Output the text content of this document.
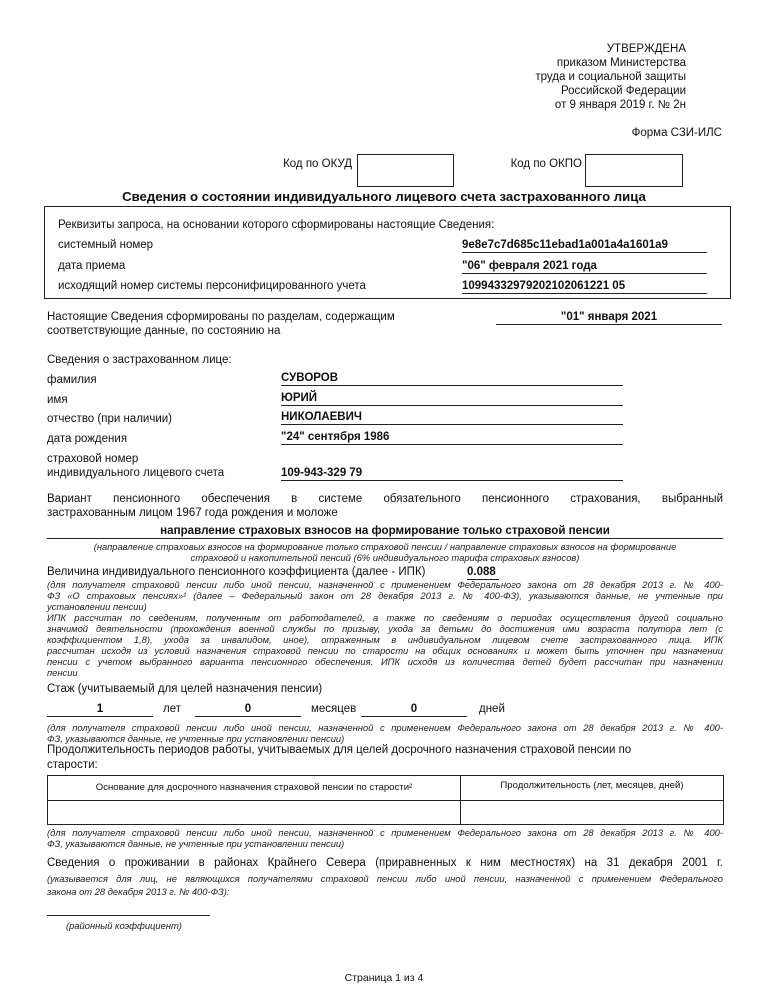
УТВЕРЖДЕНА
приказом Министерства
труда и социальной защиты
Российской Федерации
от 9 января 2019 г. № 2н
Форма СЗИ-ИЛС
Код по ОКУД	Код по ОКПО
Сведения о состоянии индивидуального лицевого счета застрахованного лица
Реквизиты запроса, на основании которого сформированы настоящие Сведения:
системный номер	9e8e7c7d685c11ebad1a001a4a1601a9
дата приема	"06" февраля 2021 года
исходящий номер системы персонифицированного учета	10994332979202102061221 05
Настоящие Сведения сформированы по разделам, содержащим
соответствующие данные, по состоянию на
"01" января 2021
Сведения о застрахованном лице:
фамилия	СУВОРОВ
имя	ЮРИЙ
отчество (при наличии)	НИКОЛАЕВИЧ
дата рождения	"24" сентября 1986
страховой номер
индивидуального лицевого счета	109-943-329 79
Вариант пенсионного обеспечения в системе обязательного пенсионного страхования, выбранный
застрахованным лицом 1967 года рождения и моложе
направление страховых взносов на формирование только страховой пенсии
(направление страховых взносов на формирование только страховой пенсии / направление страховых взносов на формирование
страховой и накопительной пенсий (6% индивидуального тарифа страховых взносов)
Величина индивидуального пенсионного коэффициента (далее - ИПК)	0.088
(для получателя страховой пенсии либо иной пенсии, назначенной с применением Федерального закона от 28 декабря 2013 г. № 400-
ФЗ «О страховых пенсиях»¹ (далее – Федеральный закон от 28 декабря 2013 г. № 400-ФЗ), указываются данные, не учтенные при
установлении пенсии)
ИПК рассчитан по сведениям, полученным от работодателей, а также по сведениям о периодах осуществления другой социально
значимой деятельности (прохождения военной службы по призыву, ухода за детьми до достижения ими возраста полутора лет (с
коэффициентом 1,8), ухода за инвалидом, иное), отраженным в индивидуальном лицевом счете застрахованного лица. ИПК
рассчитан исходя из условий назначения страховой пенсии по старости на общих основаниях и может быть уточнен при назначении
пенсии с учетом выбранного варианта пенсионного обеспечения. ИПК исходя из количества детей будет рассчитан при назначении
пенсии
Стаж (учитываемый для целей назначения пенсии)
1	лет	0	месяцев	0	дней
(для получателя страховой пенсии либо иной пенсии, назначенной с применением Федерального закона от 28 декабря 2013 г. № 400-
ФЗ, указываются данные, не учтенные при установлении пенсии)
Продолжительность периодов работы, учитываемых для целей досрочного назначения страховой пенсии по
старости:
Основание для досрочного назначения страховой пенсии по старости²	Продолжительность (лет, месяцев, дней)

(для получателя страховой пенсии либо иной пенсии, назначенной с применением Федерального закона от 28 декабря 2013 г. № 400-
ФЗ, указываются данные, не учтенные при установлении пенсии)
Сведения о проживании в районах Крайнего Севера (приравненных к ним местностях) на 31 декабря 2001 г.
(указывается для лиц, не являющихся получателями страховой пенсии либо иной пенсии, назначенной с применением Федерального
закона от 28 декабря 2013 г. № 400-ФЗ):
(районный коэффициент)
Страница 1 из 4
